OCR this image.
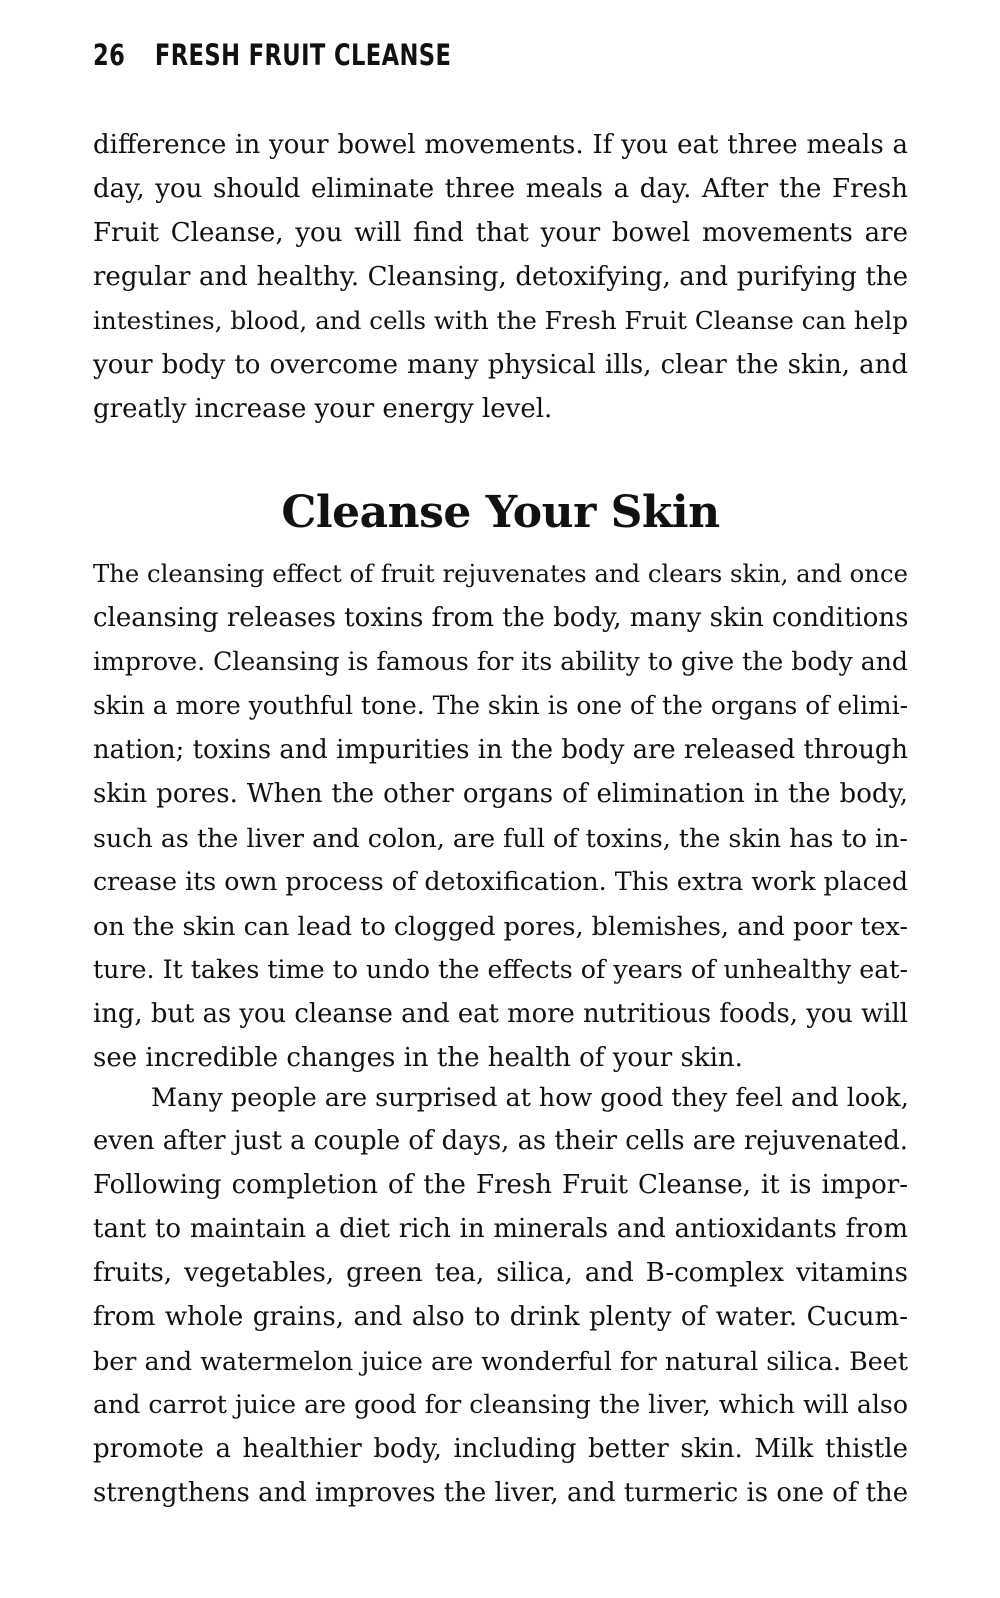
26 FRESH FRUIT CLEANSE

difference in your bowel movements. If you eat three meals a
day, you should eliminate three meals a day. After the Fresh
Fruit Cleanse, you will find that your bowel movements are
regular and healthy. Cleansing, detoxifying, and purifying the
intestines, blood, and cells with the Fresh Fruit Cleanse can help
your body to overcome many physical ills, clear the skin, and
greatly increase your energy level.

Cleanse Your Skin

The cleansing effect of fruit rejuvenates and clears skin, and once
cleansing releases toxins from the body, many skin conditions
improve. Cleansing is famous for its ability to give the body and
skin a more youthful tone. The skin is one of the organs of elimi-
nation; toxins and impurities in the body are released through
skin pores. When the other organs of elimination in the body,
such as the liver and colon, are full of toxins, the skin has to in-
crease its own process of detoxification. This extra work placed
on the skin can lead to clogged pores, blemishes, and poor tex-
ture. It takes time to undo the effects of years of unhealthy eat-
ing, but as you cleanse and eat more nutritious foods, you will
see incredible changes in the health of your skin.

Many people are surprised at how good they feel and look,
even after just a couple of days, as their cells are rejuvenated.
Following completion of the Fresh Fruit Cleanse, it is impor-
tant to maintain a diet rich in minerals and antioxidants from
fruits, vegetables, green tea, silica, and B-complex vitamins
from whole grains, and also to drink plenty of water. Cucum-
ber and watermelon juice are wonderful for natural silica. Beet
and carrot juice are good for cleansing the liver, which will also
promote a healthier body, including better skin. Milk thistle
strengthens and improves the liver, and turmeric is one of the
